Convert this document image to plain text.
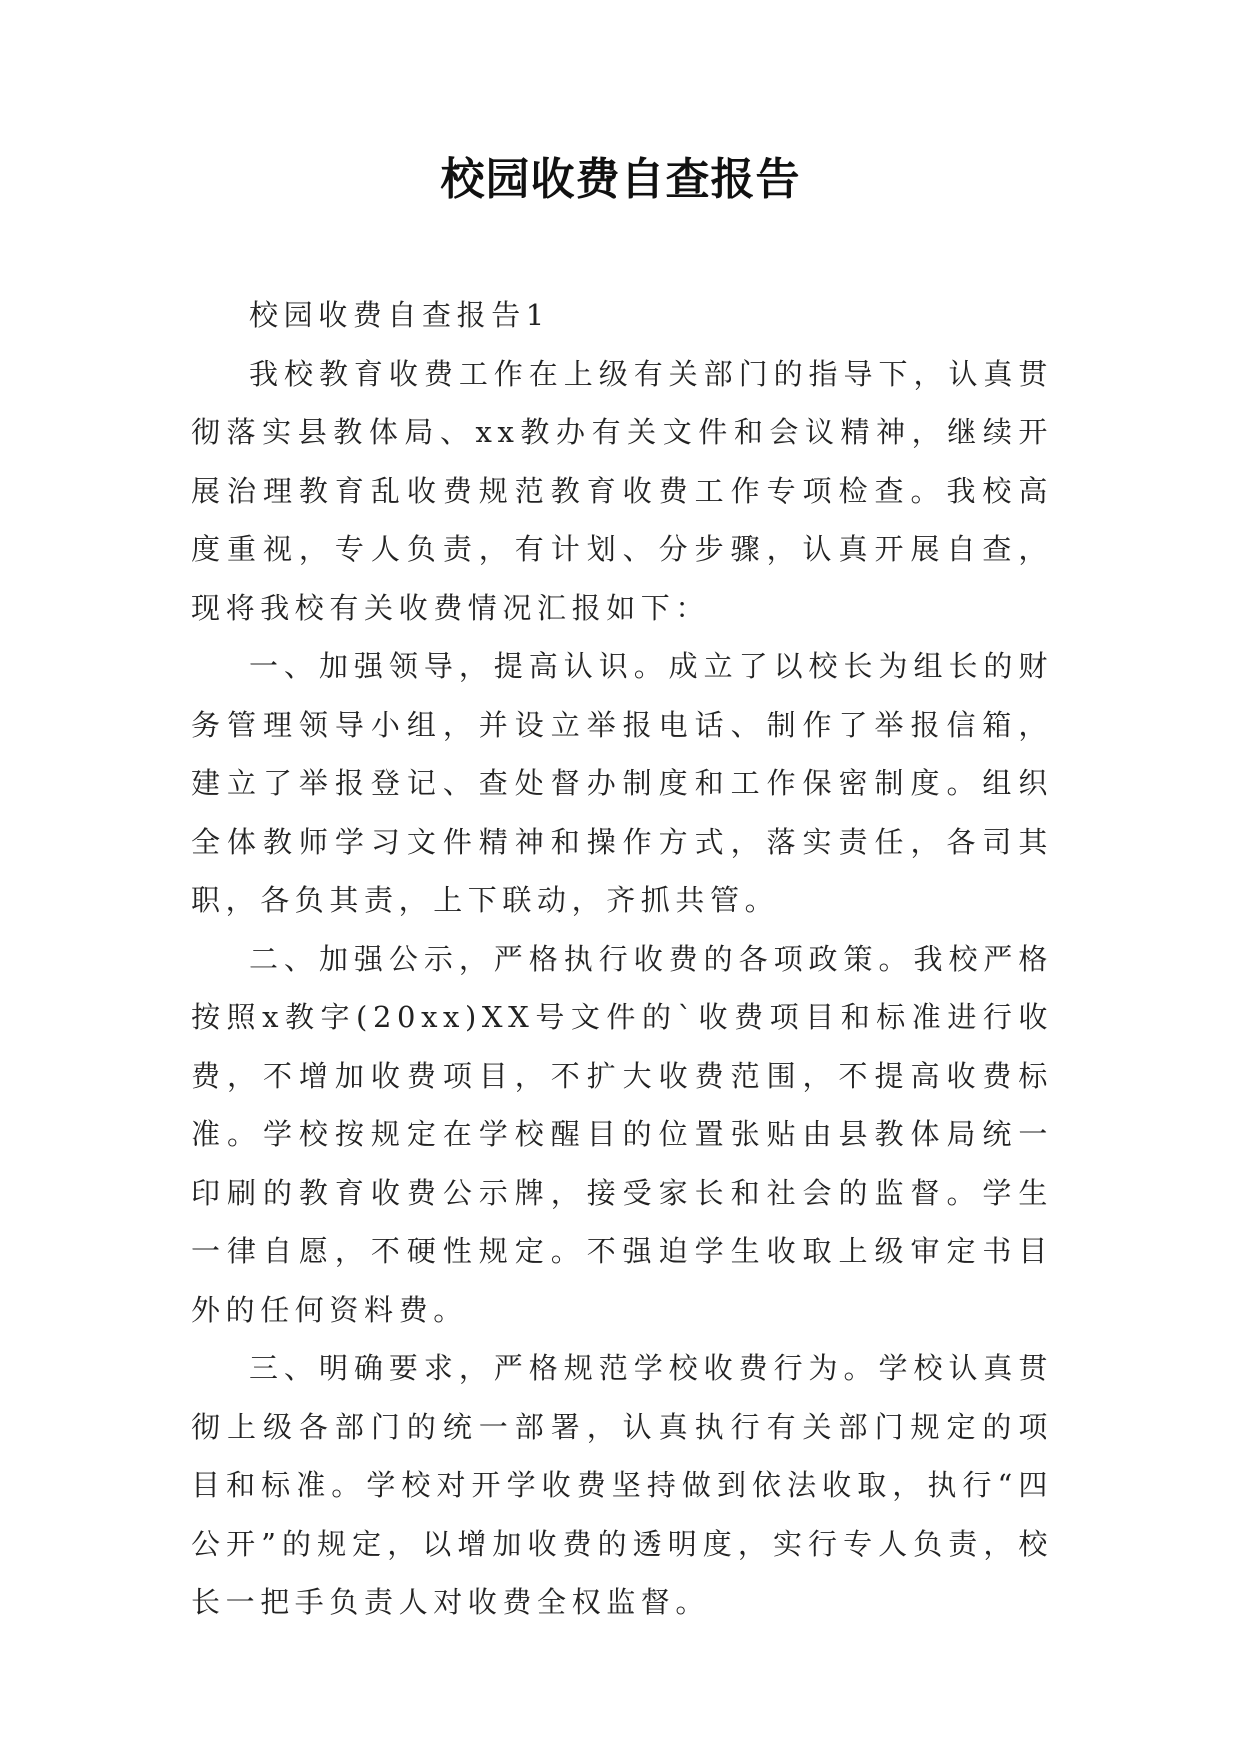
校园收费自查报告

校园收费自查报告1

我校教育收费工作在上级有关部门的指导下，认真贯彻落实县教体局、xx教办有关文件和会议精神，继续开展治理教育乱收费规范教育收费工作专项检查。我校高度重视，专人负责，有计划、分步骤，认真开展自查，现将我校有关收费情况汇报如下：

一、加强领导，提高认识。成立了以校长为组长的财务管理领导小组，并设立举报电话、制作了举报信箱，建立了举报登记、查处督办制度和工作保密制度。组织全体教师学习文件精神和操作方式，落实责任，各司其职，各负其责，上下联动，齐抓共管。

二、加强公示，严格执行收费的各项政策。我校严格按照x教字(20xx)XX号文件的`收费项目和标准进行收费，不增加收费项目，不扩大收费范围，不提高收费标准。学校按规定在学校醒目的位置张贴由县教体局统一印刷的教育收费公示牌，接受家长和社会的监督。学生一律自愿，不硬性规定。不强迫学生收取上级审定书目外的任何资料费。

三、明确要求，严格规范学校收费行为。学校认真贯彻上级各部门的统一部署，认真执行有关部门规定的项目和标准。学校对开学收费坚持做到依法收取，执行“四公开”的规定，以增加收费的透明度，实行专人负责，校长一把手负责人对收费全权监督。
